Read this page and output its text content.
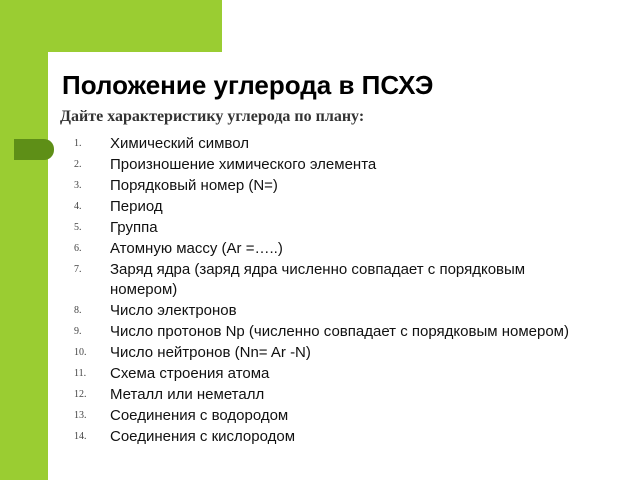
Положение углерода в ПСХЭ

Дайте характеристику углерода по плану:

1.	Химический символ
2.	Произношение химического элемента
3.	Порядковый номер (N=)
4.	Период
5.	Группа
6.	Атомную массу (Ar =…..)
7.	Заряд ядра (заряд ядра численно совпадает с порядковым номером)
8.	Число электронов
9.	Число протонов Np (численно совпадает с порядковым номером)
10.	Число нейтронов (Nn= Ar -N)
11.	Схема строения атома
12.	Металл или неметалл
13.	Соединения с водородом
14.	Соединения с кислородом
